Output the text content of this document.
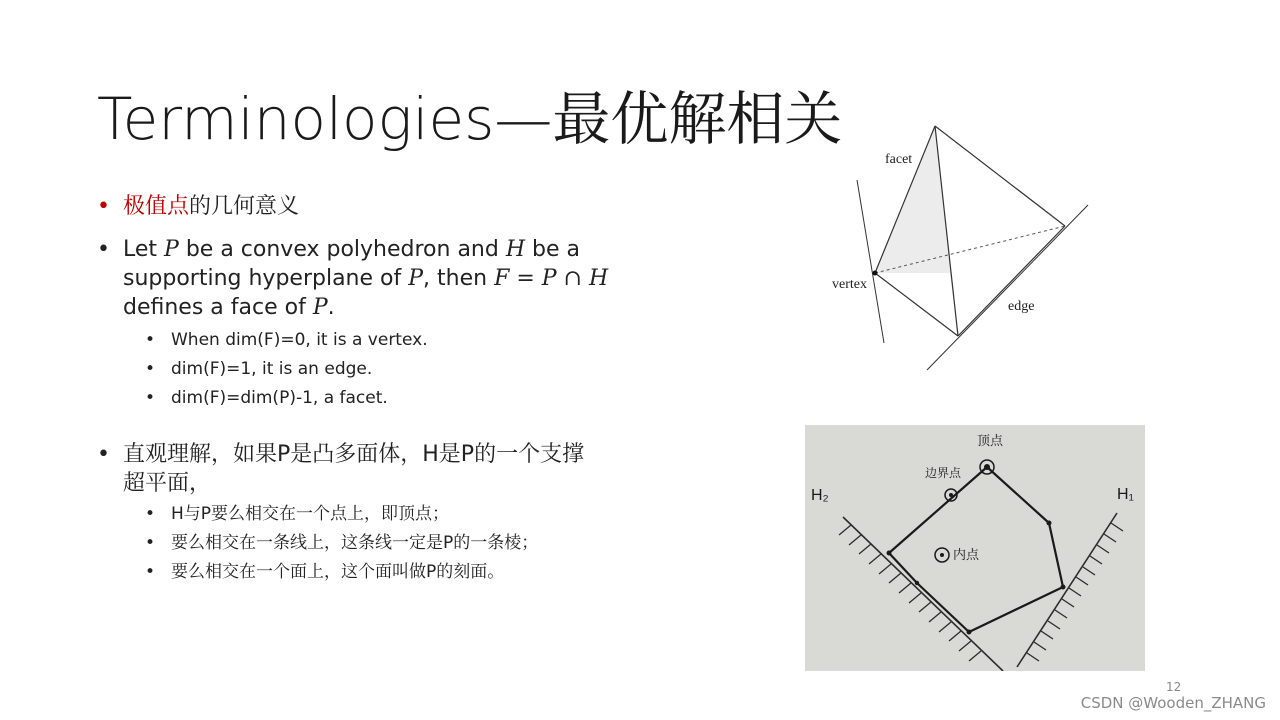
Terminologies—最优解相关
• 极值点的几何意义
• Let P be a convex polyhedron and H be a supporting hyperplane of P, then F = P ∩ H defines a face of P.
• When dim(F)=0, it is a vertex.
• dim(F)=1, it is an edge.
• dim(F)=dim(P)-1, a facet.
• 直观理解，如果P是凸多面体，H是P的一个支撑超平面，
• H与P要么相交在一个点上，即顶点；
• 要么相交在一条线上，这条线一定是P的一条棱；
• 要么相交在一个面上，这个面叫做P的刻面。
facet
vertex
edge
H₂	H₁
顶点
边界点
内点
12
CSDN @Wooden_ZHANG
